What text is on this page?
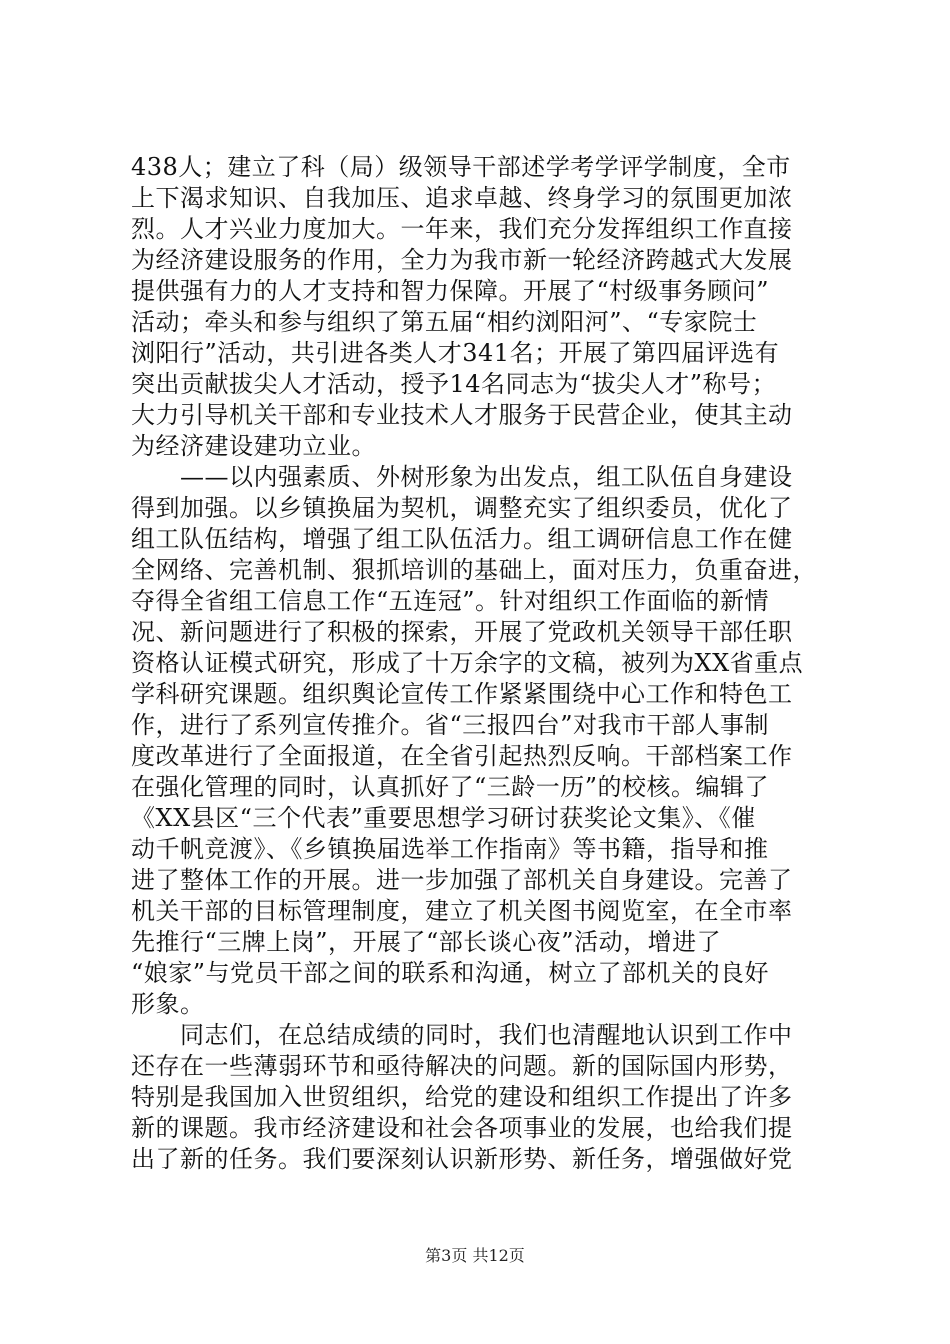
438人；建立了科（局）级领导干部述学考学评学制度，全市
上下渴求知识、自我加压、追求卓越、终身学习的氛围更加浓
烈。人才兴业力度加大。一年来，我们充分发挥组织工作直接
为经济建设服务的作用，全力为我市新一轮经济跨越式大发展
提供强有力的人才支持和智力保障。开展了“村级事务顾问”
活动；牵头和参与组织了第五届“相约浏阳河”、“专家院士
浏阳行”活动，共引进各类人才341名；开展了第四届评选有
突出贡献拔尖人才活动，授予14名同志为“拔尖人才”称号；
大力引导机关干部和专业技术人才服务于民营企业，使其主动
为经济建设建功立业。
　　——以内强素质、外树形象为出发点，组工队伍自身建设
得到加强。以乡镇换届为契机，调整充实了组织委员，优化了
组工队伍结构，增强了组工队伍活力。组工调研信息工作在健
全网络、完善机制、狠抓培训的基础上，面对压力，负重奋进，
夺得全省组工信息工作“五连冠”。针对组织工作面临的新情
况、新问题进行了积极的探索，开展了党政机关领导干部任职
资格认证模式研究，形成了十万余字的文稿，被列为XX省重点
学科研究课题。组织舆论宣传工作紧紧围绕中心工作和特色工
作，进行了系列宣传推介。省“三报四台”对我市干部人事制
度改革进行了全面报道，在全省引起热烈反响。干部档案工作
在强化管理的同时，认真抓好了“三龄一历”的校核。编辑了
《XX县区“三个代表”重要思想学习研讨获奖论文集》、《催
动千帆竞渡》、《乡镇换届选举工作指南》等书籍，指导和推
进了整体工作的开展。进一步加强了部机关自身建设。完善了
机关干部的目标管理制度，建立了机关图书阅览室，在全市率
先推行“三牌上岗”，开展了“部长谈心夜”活动，增进了
“娘家”与党员干部之间的联系和沟通，树立了部机关的良好
形象。
　　同志们，在总结成绩的同时，我们也清醒地认识到工作中
还存在一些薄弱环节和亟待解决的问题。新的国际国内形势，
特别是我国加入世贸组织，给党的建设和组织工作提出了许多
新的课题。我市经济建设和社会各项事业的发展，也给我们提
出了新的任务。我们要深刻认识新形势、新任务，增强做好党
第3页 共12页
